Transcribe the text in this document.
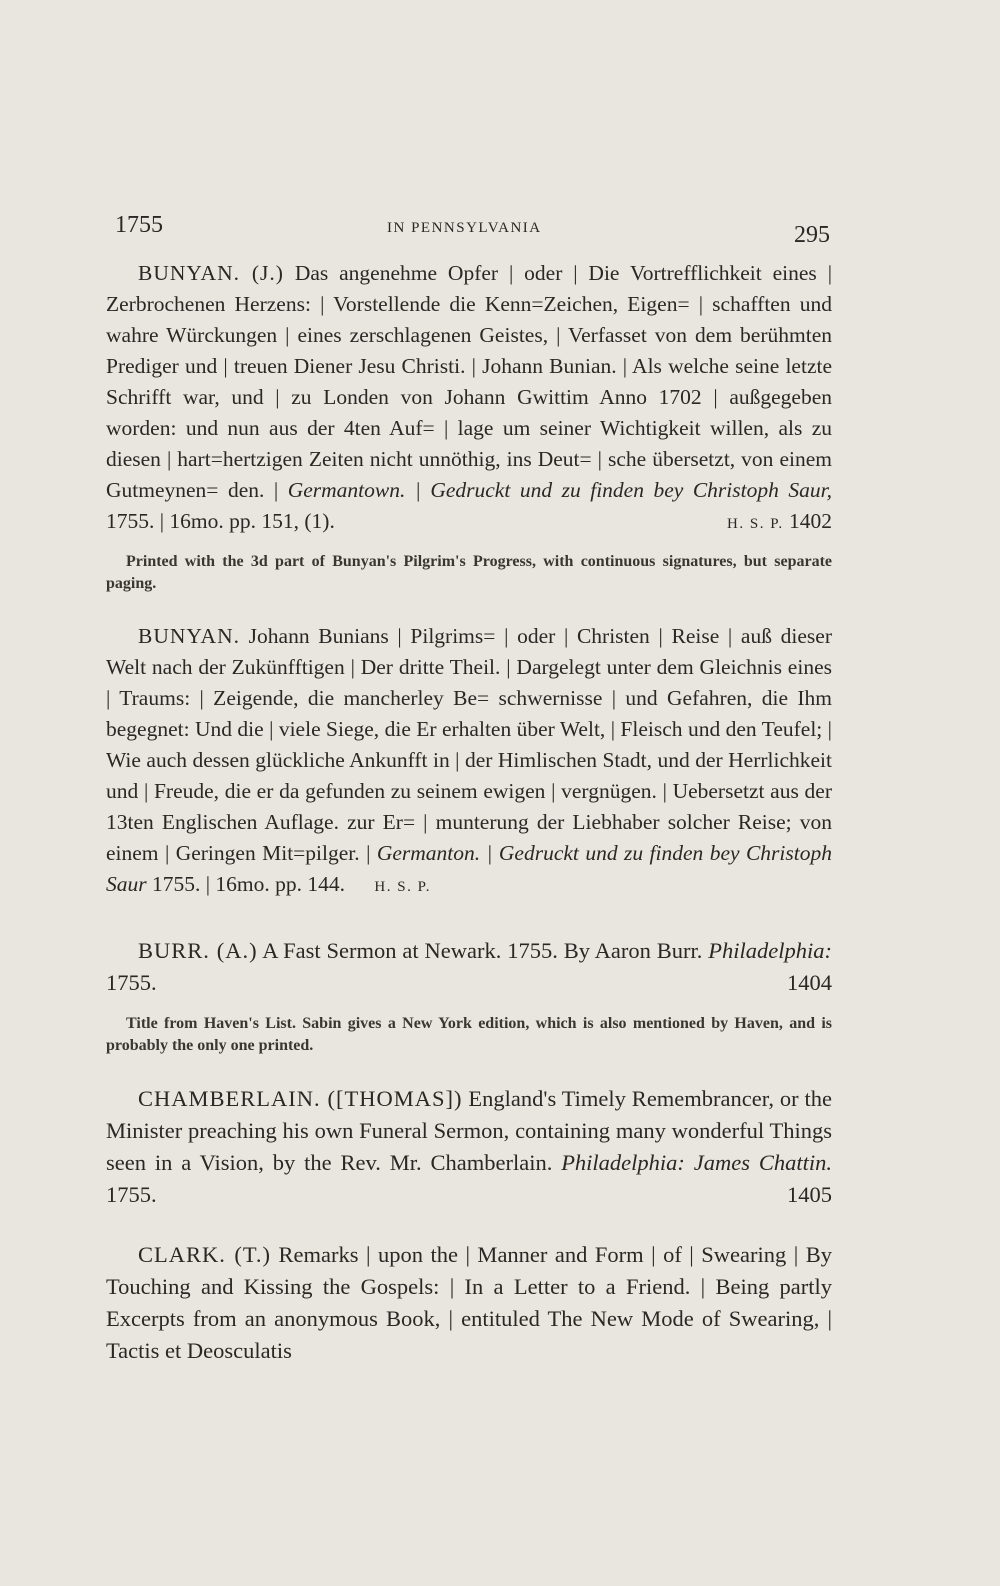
1755	IN PENNSYLVANIA	295

BUNYAN. (J.) Das angenehme Opfer | oder | Die Vortrefflichkeit eines | Zerbrochenen Herzens: | Vorstellende die Kenn=Zeichen, Eigen= | schafften und wahre Würckungen | eines zerschlagenen Geistes, | Verfasset von dem berühmten Prediger und | treuen Diener Jesu Christi. | Johann Bunian. | Als welche seine letzte Schrifft war, und | zu Londen von Johann Gwittim Anno 1702 | außgegeben worden: und nun aus der 4ten Auf= | lage um seiner Wichtigkeit willen, als zu diesen | hart=hertzigen Zeiten nicht unnöthig, ins Deut= | sche übersetzt, von einem Gutmeynen= den. | Germantown. | Gedruckt und zu finden bey Christoph Saur, 1755. | 16mo. pp. 151, (1).	H. S. P. 1402

Printed with the 3d part of Bunyan's Pilgrim's Progress, with continuous signatures, but separate paging.

BUNYAN. Johann Bunians | Pilgrims= | oder | Christen | Reise | auß dieser Welt nach der Zukünfftigen | Der dritte Theil. | Dargelegt unter dem Gleichnis eines | Traums: | Zeigende, die mancherley Be= schwernisse | und Gefahren, die Ihm begegnet: Und die | viele Siege, die Er erhalten über Welt, | Fleisch und den Teufel; | Wie auch dessen glückliche Ankunfft in | der Himlischen Stadt, und der Herrlichkeit und | Freude, die er da gefunden zu seinem ewigen | vergnügen. | Uebersetzt aus der 13ten Englischen Auflage. zur Er= | munterung der Liebhaber solcher Reise; von einem | Geringen Mit=pilger. | Germanton. | Gedruckt und zu finden bey Christoph Saur 1755. | 16mo. pp. 144. H. S. P.

BURR. (A.) A Fast Sermon at Newark. 1755. By Aaron Burr. Philadelphia: 1755.	1404

Title from Haven's List. Sabin gives a New York edition, which is also mentioned by Haven, and is probably the only one printed.

CHAMBERLAIN. ([THOMAS]) England's Timely Remembrancer, or the Minister preaching his own Funeral Sermon, containing many wonderful Things seen in a Vision, by the Rev. Mr. Chamberlain. Philadelphia: James Chattin. 1755.	1405

CLARK. (T.) Remarks | upon the | Manner and Form | of | Swearing | By Touching and Kissing the Gospels: | In a Letter to a Friend. | Being partly Excerpts from an anonymous Book, | entituled The New Mode of Swearing, | Tactis et Deosculatis
